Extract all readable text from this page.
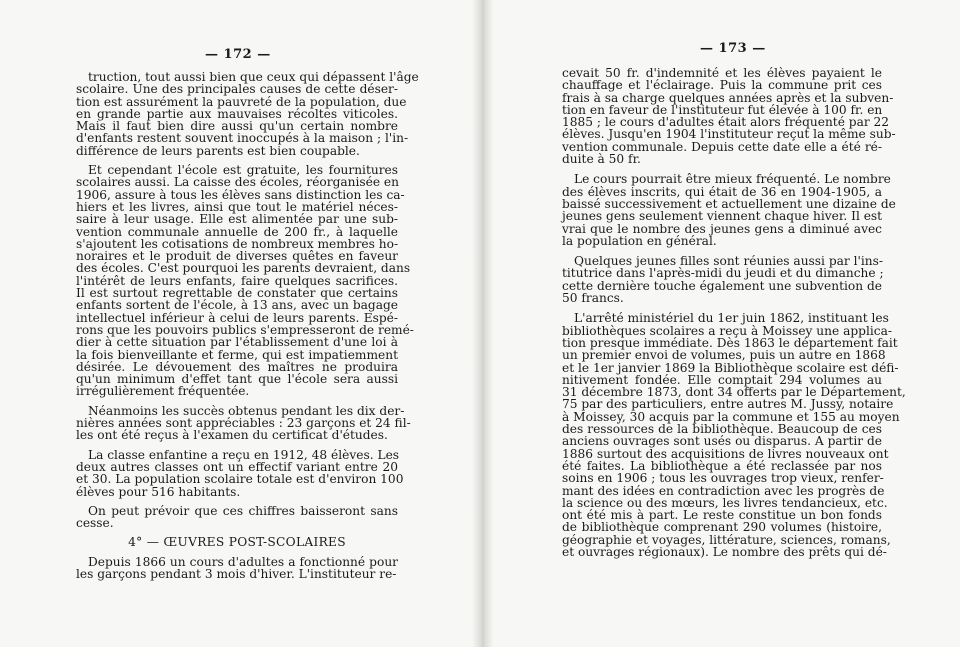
— 172 —
truction, tout aussi bien que ceux qui dépassent l'âge
scolaire. Une des principales causes de cette déser-
tion est assurément la pauvreté de la population, due
en grande partie aux mauvaises récoltes viticoles.
Mais il faut bien dire aussi qu'un certain nombre
d'enfants restent souvent inoccupés à la maison ; l'in-
différence de leurs parents est bien coupable.
Et cependant l'école est gratuite, les fournitures
scolaires aussi. La caisse des écoles, réorganisée en
1906, assure à tous les élèves sans distinction les ca-
hiers et les livres, ainsi que tout le matériel néces-
saire à leur usage. Elle est alimentée par une sub-
vention communale annuelle de 200 fr., à laquelle
s'ajoutent les cotisations de nombreux membres ho-
noraires et le produit de diverses quêtes en faveur
des écoles. C'est pourquoi les parents devraient, dans
l'intérêt de leurs enfants, faire quelques sacrifices.
Il est surtout regrettable de constater que certains
enfants sortent de l'école, à 13 ans, avec un bagage
intellectuel inférieur à celui de leurs parents. Espé-
rons que les pouvoirs publics s'empresseront de remé-
dier à cette situation par l'établissement d'une loi à
la fois bienveillante et ferme, qui est impatiemment
désirée. Le dévouement des maîtres ne produira
qu'un minimum d'effet tant que l'école sera aussi
irrégulièrement fréquentée.
Néanmoins les succès obtenus pendant les dix der-
nières années sont appréciables : 23 garçons et 24 fil-
les ont été reçus à l'examen du certificat d'études.
La classe enfantine a reçu en 1912, 48 élèves. Les
deux autres classes ont un effectif variant entre 20
et 30. La population scolaire totale est d'environ 100
élèves pour 516 habitants.
On peut prévoir que ces chiffres baisseront sans
cesse.
4° — ŒUVRES POST-SCOLAIRES
Depuis 1866 un cours d'adultes a fonctionné pour
les garçons pendant 3 mois d'hiver. L'instituteur re-
— 173 —
cevait 50 fr. d'indemnité et les élèves payaient le
chauffage et l'éclairage. Puis la commune prit ces
frais à sa charge quelques années après et la subven-
tion en faveur de l'instituteur fut élevée à 100 fr. en
1885 ; le cours d'adultes était alors fréquenté par 22
élèves. Jusqu'en 1904 l'instituteur reçut la même sub-
vention communale. Depuis cette date elle a été ré-
duite à 50 fr.
Le cours pourrait être mieux fréquenté. Le nombre
des élèves inscrits, qui était de 36 en 1904-1905, a
baissé successivement et actuellement une dizaine de
jeunes gens seulement viennent chaque hiver. Il est
vrai que le nombre des jeunes gens a diminué avec
la population en général.
Quelques jeunes filles sont réunies aussi par l'ins-
titutrice dans l'après-midi du jeudi et du dimanche ;
cette dernière touche également une subvention de
50 francs.
L'arrêté ministériel du 1er juin 1862, instituant les
bibliothèques scolaires a reçu à Moissey une applica-
tion presque immédiate. Dès 1863 le département fait
un premier envoi de volumes, puis un autre en 1868
et le 1er janvier 1869 la Bibliothèque scolaire est défi-
nitivement fondée. Elle comptait 294 volumes au
31 décembre 1873, dont 34 offerts par le Département,
75 par des particuliers, entre autres M. Jussy, notaire
à Moissey, 30 acquis par la commune et 155 au moyen
des ressources de la bibliothèque. Beaucoup de ces
anciens ouvrages sont usés ou disparus. A partir de
1886 surtout des acquisitions de livres nouveaux ont
été faites. La bibliothèque a été reclassée par nos
soins en 1906 ; tous les ouvrages trop vieux, renfer-
mant des idées en contradiction avec les progrès de
la science ou des mœurs, les livres tendancieux, etc.
ont été mis à part. Le reste constitue un bon fonds
de bibliothèque comprenant 290 volumes (histoire,
géographie et voyages, littérature, sciences, romans,
et ouvrages régionaux). Le nombre des prêts qui dé-
